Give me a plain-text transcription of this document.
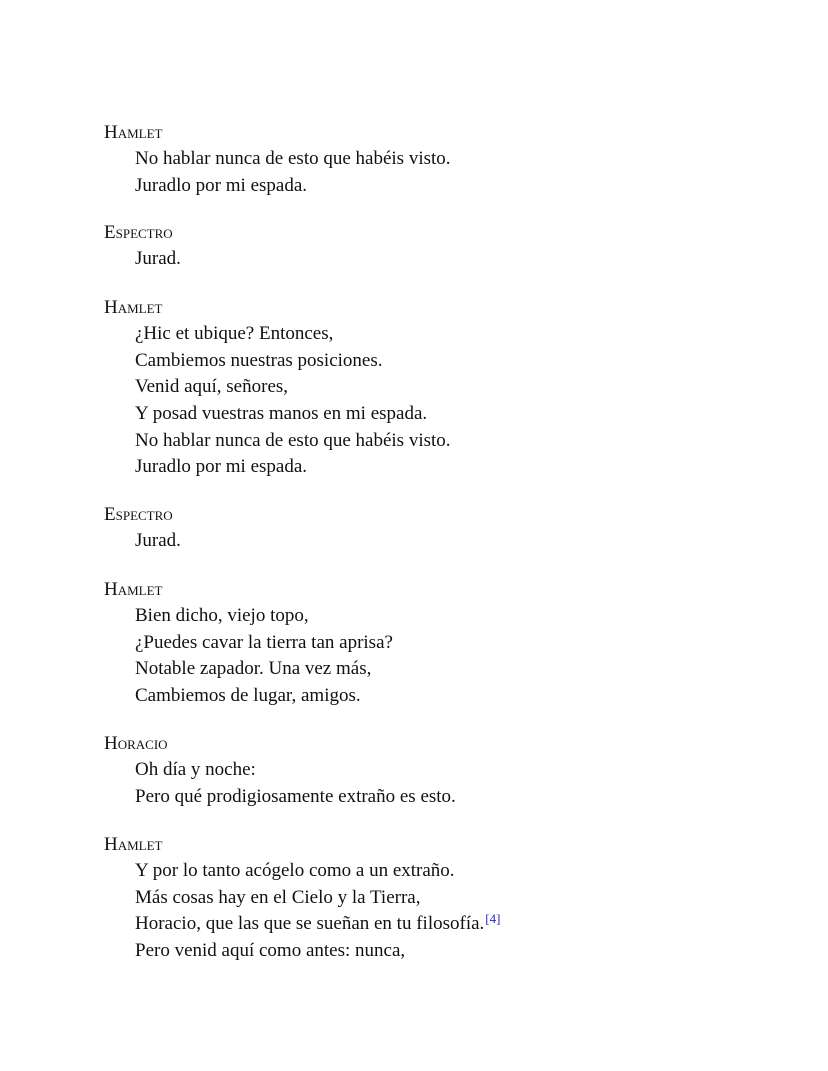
Hamlet
No hablar nunca de esto que habéis visto.
Juradlo por mi espada.
Espectro
Jurad.
Hamlet
¿Hic et ubique? Entonces,
Cambiemos nuestras posiciones.
Venid aquí, señores,
Y posad vuestras manos en mi espada.
No hablar nunca de esto que habéis visto.
Juradlo por mi espada.
Espectro
Jurad.
Hamlet
Bien dicho, viejo topo,
¿Puedes cavar la tierra tan aprisa?
Notable zapador. Una vez más,
Cambiemos de lugar, amigos.
Horacio
Oh día y noche:
Pero qué prodigiosamente extraño es esto.
Hamlet
Y por lo tanto acógelo como a un extraño.
Más cosas hay en el Cielo y la Tierra,
Horacio, que las que se sueñan en tu filosofía.[4]
Pero venid aquí como antes: nunca,
